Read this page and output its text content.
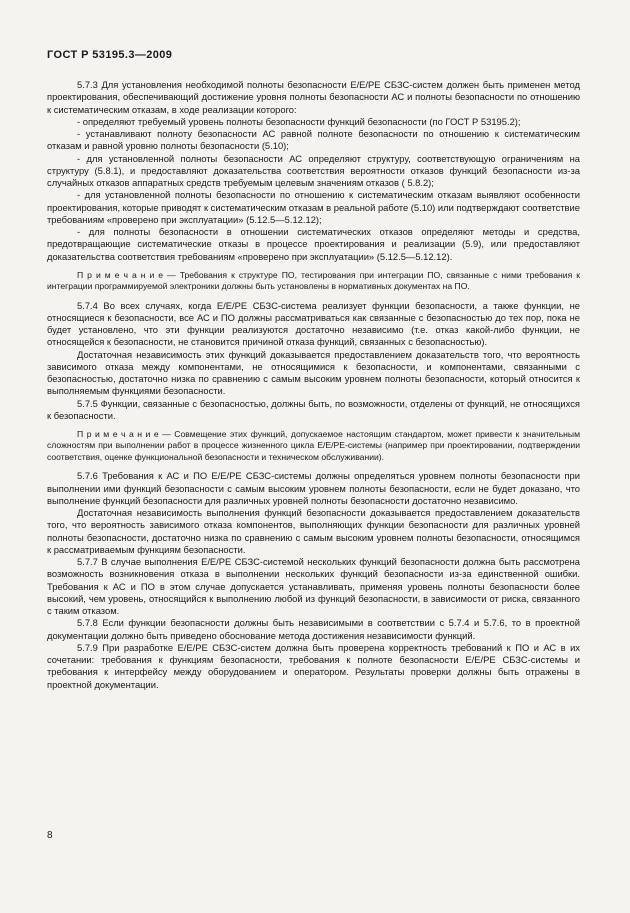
ГОСТ Р 53195.3—2009

5.7.3 Для установления необходимой полноты безопасности Е/Е/РЕ СБЗС-систем должен быть применен метод проектирования, обеспечивающий достижение уровня полноты безопасности АС и полноты безопасности по отношению к систематическим отказам, в ходе реализации которого:

- определяют требуемый уровень полноты безопасности функций безопасности (по ГОСТ Р 53195.2);

- устанавливают полноту безопасности АС равной полноте безопасности по отношению к систематическим отказам и равной уровню полноты безопасности (5.10);

- для установленной полноты безопасности АС определяют структуру, соответствующую ограничениям на структуру (5.8.1), и предоставляют доказательства соответствия вероятности отказов функций безопасности из-за случайных отказов аппаратных средств требуемым целевым значениям отказов ( 5.8.2);

- для установленной полноты безопасности по отношению к систематическим отказам выявляют особенности проектирования, которые приводят к систематическим отказам в реальной работе (5.10) или подтверждают соответствие требованиям «проверено при эксплуатации» (5.12.5—5.12.12);

- для полноты безопасности в отношении систематических отказов определяют методы и средства, предотвращающие систематические отказы в процессе проектирования и реализации (5.9), или предоставляют доказательства соответствия требованиям «проверено при эксплуатации» (5.12.5—5.12.12).

П р и м е ч а н и е — Требования к структуре ПО, тестирования при интеграции ПО, связанные с ними требования к интеграции программируемой электроники должны быть установлены в нормативных документах на ПО.

5.7.4 Во всех случаях, когда Е/Е/РЕ СБЗС-система реализует функции безопасности, а также функции, не относящиеся к безопасности, все АС и ПО должны рассматриваться как связанные с безопасностью до тех пор, пока не будет установлено, что эти функции реализуются достаточно независимо (т.е. отказ какой-либо функции, не относящейся к безопасности, не становится причиной отказа функций, связанных с безопасностью).

Достаточная независимость этих функций доказывается предоставлением доказательств того, что вероятность зависимого отказа между компонентами, не относящимися к безопасности, и компонентами, связанными с безопасностью, достаточно низка по сравнению с самым высоким уровнем полноты безопасности, который относится к выполняемым функциями безопасности.

5.7.5 Функции, связанные с безопасностью, должны быть, по возможности, отделены от функций, не относящихся к безопасности.

П р и м е ч а н и е — Совмещение этих функций, допускаемое настоящим стандартом, может привести к значительным сложностям при выполнении работ в процессе жизненного цикла Е/Е/РЕ-системы (например при проектировании, подтверждении соответствия, оценке функциональной безопасности и техническом обслуживании).

5.7.6 Требования к АС и ПО Е/Е/РЕ СБЗС-системы должны определяться уровнем полноты безопасности при выполнении ими функций безопасности с самым высоким уровнем полноты безопасности, если не будет доказано, что выполнение функций безопасности для различных уровней полноты безопасности достаточно независимо.

Достаточная независимость выполнения функций безопасности доказывается предоставлением доказательств того, что вероятность зависимого отказа компонентов, выполняющих функции безопасности для различных уровней полноты безопасности, достаточно низка по сравнению с самым высоким уровнем полноты безопасности, относящимся к рассматриваемым функциям безопасности.

5.7.7 В случае выполнения Е/Е/РЕ СБЗС-системой нескольких функций безопасности должна быть рассмотрена возможность возникновения отказа в выполнении нескольких функций безопасности из-за единственной ошибки. Требования к АС и ПО в этом случае допускается устанавливать, применяя уровень полноты безопасности более высокий, чем уровень, относящийся к выполнению любой из функций безопасности, в зависимости от риска, связанного с таким отказом.

5.7.8 Если функции безопасности должны быть независимыми в соответствии с 5.7.4 и 5.7.6, то в проектной документации должно быть приведено обоснование метода достижения независимости функций.

5.7.9 При разработке Е/Е/РЕ СБЗС-систем должна быть проверена корректность требований к ПО и АС в их сочетании: требования к функциям безопасности, требования к полноте безопасности Е/Е/РЕ СБЗС-системы и требования к интерфейсу между оборудованием и оператором. Результаты проверки должны быть отражены в проектной документации.

8
